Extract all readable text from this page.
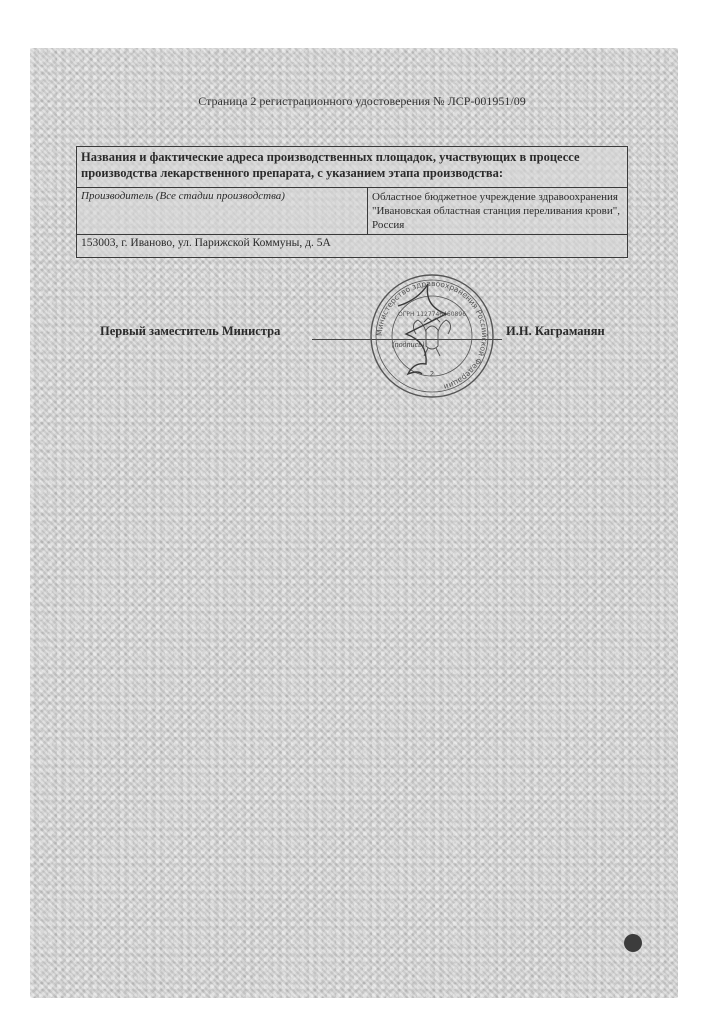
Страница 2 регистрационного удостоверения № ЛСР-001951/09
Названия и фактические адреса производственных площадок, участвующих в процессе производства лекарственного препарата, с указанием этапа производства:
Производитель (Все стадии производства)	Областное бюджетное учреждение здравоохранения "Ивановская областная станция переливания крови", Россия
153003, г. Иваново, ул. Парижской Коммуны, д. 5А
Первый заместитель Министра
(подпись)
И.Н. Каграманян
Министерство здравоохранения Российской Федерации
ОГРН 1127746460896
2
